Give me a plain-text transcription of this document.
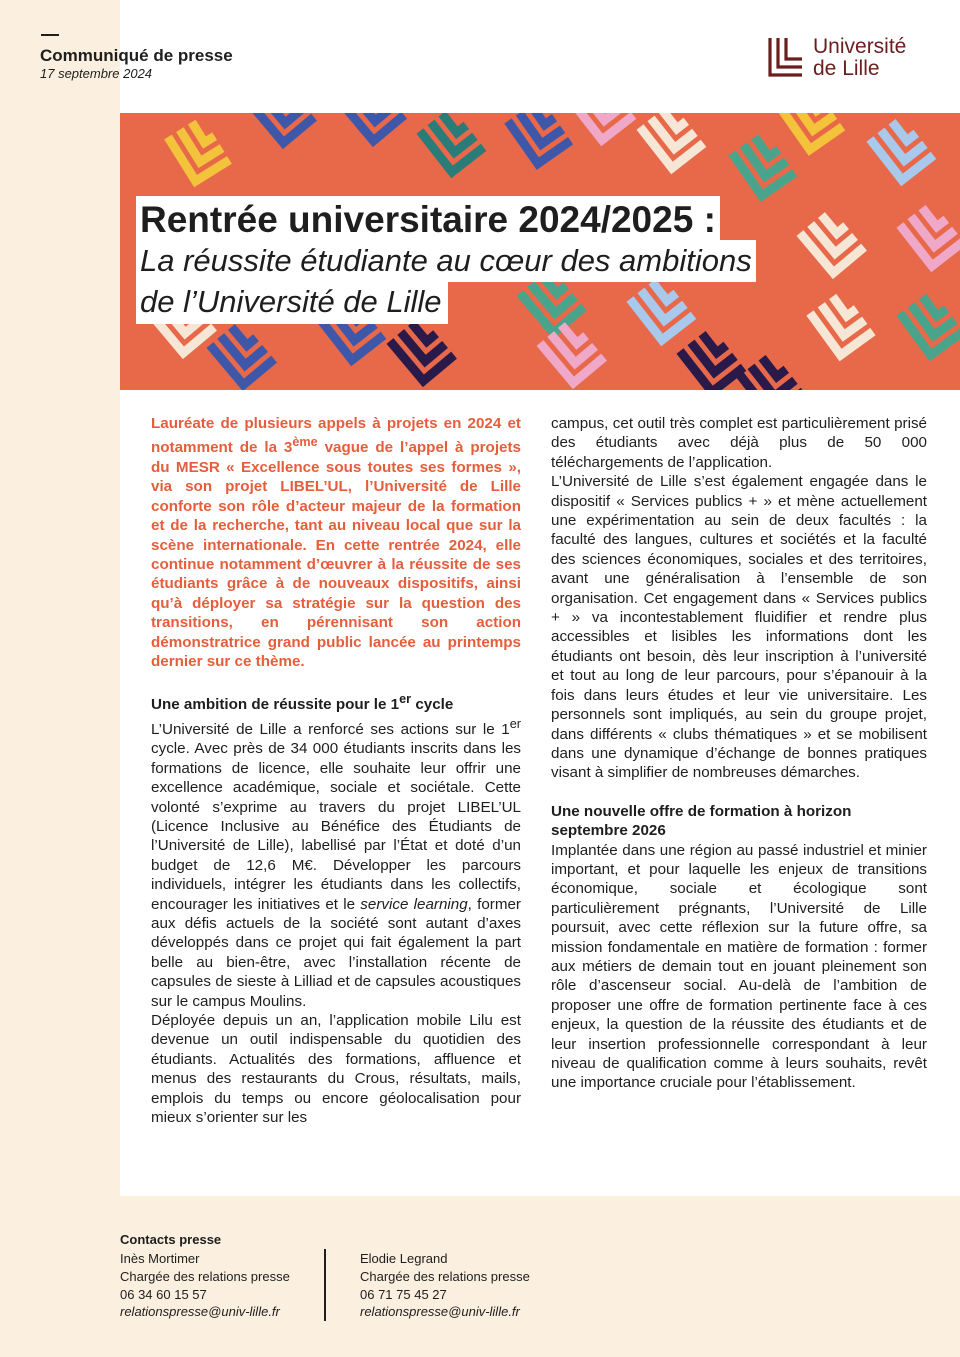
Communiqué de presse
17 septembre 2024
Université
de Lille
Rentrée universitaire 2024/2025 :
La réussite étudiante au cœur des ambitions
de l’Université de Lille

Lauréate de plusieurs appels à projets en 2024 et notamment de la 3ème vague de l’appel à projets du MESR « Excellence sous toutes ses formes », via son projet LIBEL’UL, l’Université de Lille conforte son rôle d’acteur majeur de la formation et de la recherche, tant au niveau local que sur la scène internationale. En cette rentrée 2024, elle continue notamment d’œuvrer à la réussite de ses étudiants grâce à de nouveaux dispositifs, ainsi qu’à déployer sa stratégie sur la question des transitions, en pérennisant son action démonstratrice grand public lancée au printemps dernier sur ce thème.

Une ambition de réussite pour le 1er cycle

L’Université de Lille a renforcé ses actions sur le 1er cycle. Avec près de 34 000 étudiants inscrits dans les formations de licence, elle souhaite leur offrir une excellence académique, sociale et sociétale. Cette volonté s’exprime au travers du projet LIBEL’UL (Licence Inclusive au Bénéfice des Étudiants de l’Université de Lille), labellisé par l’État et doté d’un budget de 12,6 M€. Développer les parcours individuels, intégrer les étudiants dans les collectifs, encourager les initiatives et le service learning, former aux défis actuels de la société sont autant d’axes développés dans ce projet qui fait également la part belle au bien-être, avec l’installation récente de capsules de sieste à Lilliad et de capsules acoustiques sur le campus Moulins.

Déployée depuis un an, l’application mobile Lilu est devenue un outil indispensable du quotidien des étudiants. Actualités des formations, affluence et menus des restaurants du Crous, résultats, mails, emplois du temps ou encore géolocalisation pour mieux s’orienter sur les

campus, cet outil très complet est particulièrement prisé des étudiants avec déjà plus de 50 000 téléchargements de l’application.

L’Université de Lille s’est également engagée dans le dispositif « Services publics + » et mène actuellement une expérimentation au sein de deux facultés : la faculté des langues, cultures et sociétés et la faculté des sciences économiques, sociales et des territoires, avant une généralisation à l’ensemble de son organisation. Cet engagement dans « Services publics + » va incontestablement fluidifier et rendre plus accessibles et lisibles les informations dont les étudiants ont besoin, dès leur inscription à l’université et tout au long de leur parcours, pour s’épanouir à la fois dans leurs études et leur vie universitaire. Les personnels sont impliqués, au sein du groupe projet, dans différents « clubs thématiques » et se mobilisent dans une dynamique d’échange de bonnes pratiques visant à simplifier de nombreuses démarches.

Une nouvelle offre de formation à horizon septembre 2026

Implantée dans une région au passé industriel et minier important, et pour laquelle les enjeux de transitions économique, sociale et écologique sont particulièrement prégnants, l’Université de Lille poursuit, avec cette réflexion sur la future offre, sa mission fondamentale en matière de formation : former aux métiers de demain tout en jouant pleinement son rôle d’ascenseur social. Au-delà de l’ambition de proposer une offre de formation pertinente face à ces enjeux, la question de la réussite des étudiants et de leur insertion professionnelle correspondant à leur niveau de qualification comme à leurs souhaits, revêt une importance cruciale pour l’établissement.

Contacts presse
Inès Mortimer
Chargée des relations presse
06 34 60 15 57
relationspresse@univ-lille.fr
Elodie Legrand
Chargée des relations presse
06 71 75 45 27
relationspresse@univ-lille.fr
